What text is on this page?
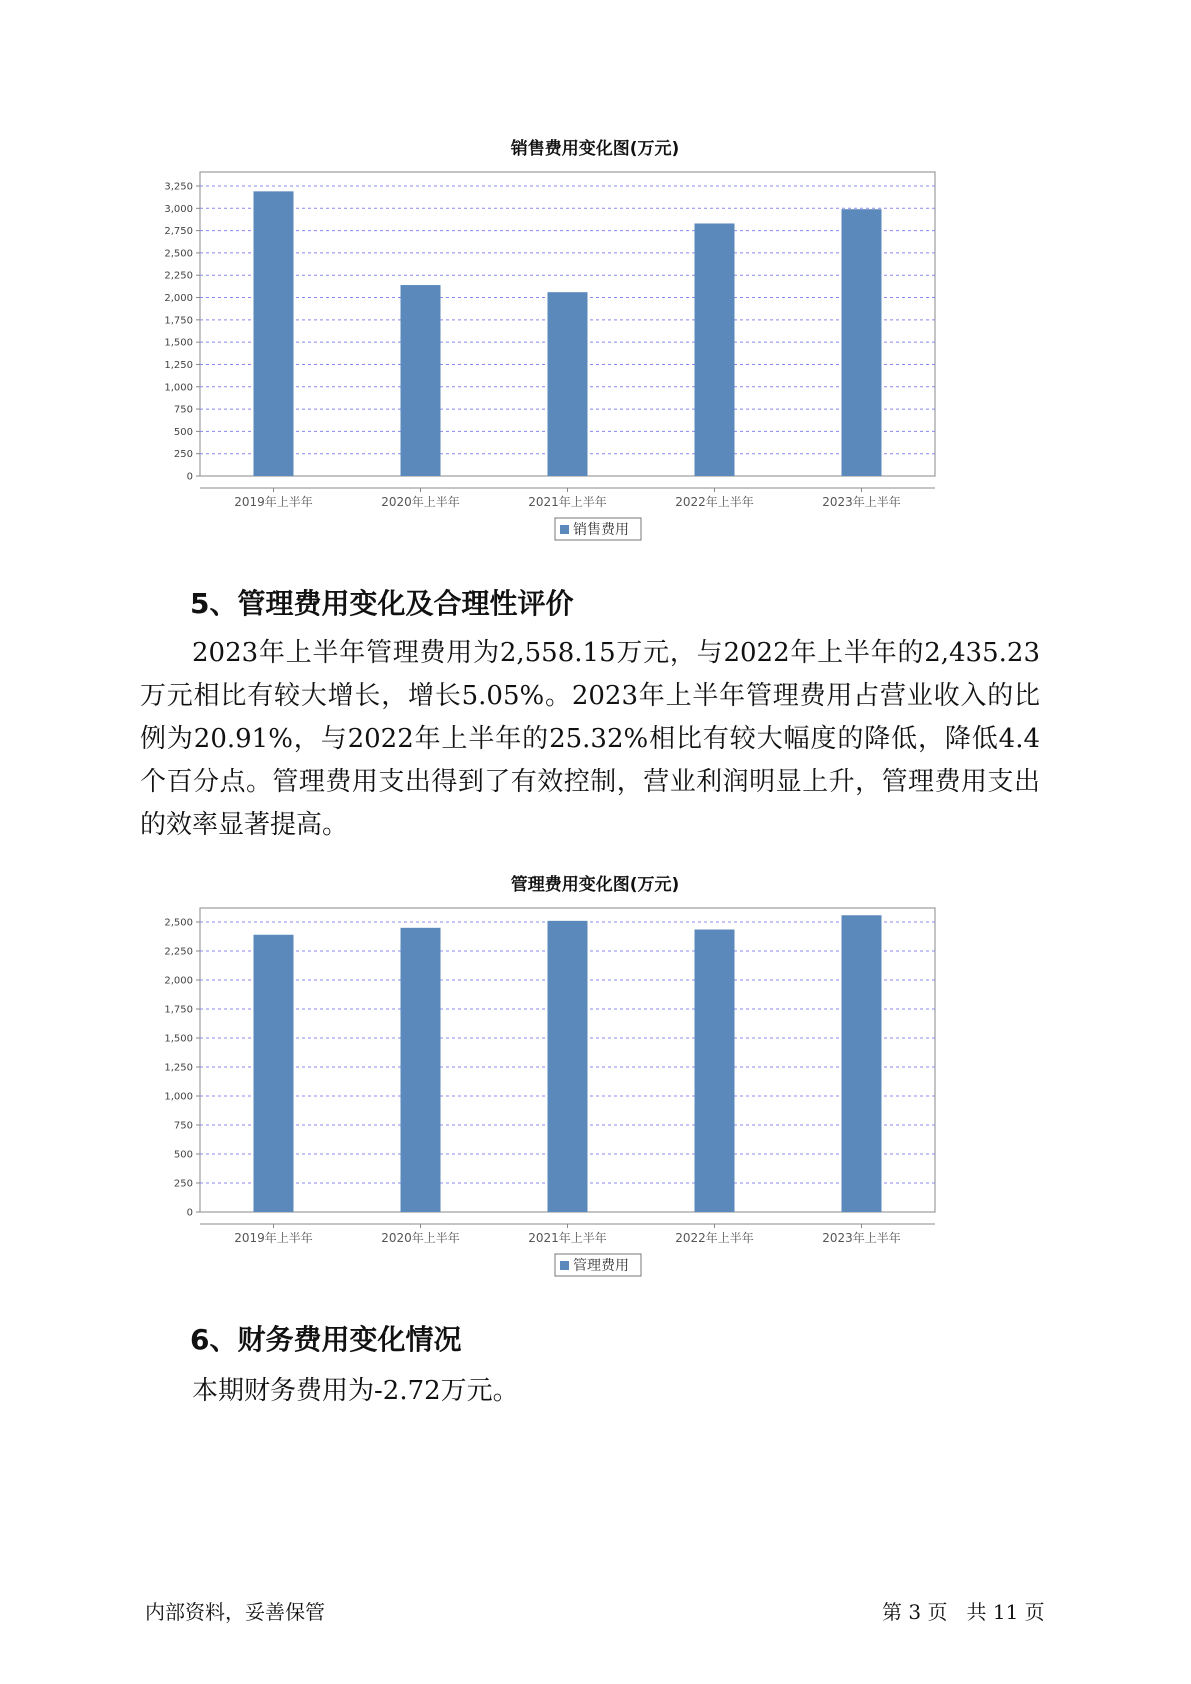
销售费用变化图(万元)
0
250
500
750
1,000
1,250
1,500
1,750
2,000
2,250
2,500
2,750
3,000
3,250
2019年上半年	2020年上半年	2021年上半年	2022年上半年	2023年上半年
销售费用
5、管理费用变化及合理性评价
2023年上半年管理费用为2,558.15万元，与2022年上半年的2,435.23万元相比有较大增长，增长5.05%。2023年上半年管理费用占营业收入的比例为20.91%，与2022年上半年的25.32%相比有较大幅度的降低，降低4.4个百分点。管理费用支出得到了有效控制，营业利润明显上升，管理费用支出的效率显著提高。
管理费用变化图(万元)
0
250
500
750
1,000
1,250
1,500
1,750
2,000
2,250
2,500
2019年上半年	2020年上半年	2021年上半年	2022年上半年	2023年上半年
管理费用
6、财务费用变化情况
本期财务费用为-2.72万元。
内部资料，妥善保管	第 3 页   共 11 页
